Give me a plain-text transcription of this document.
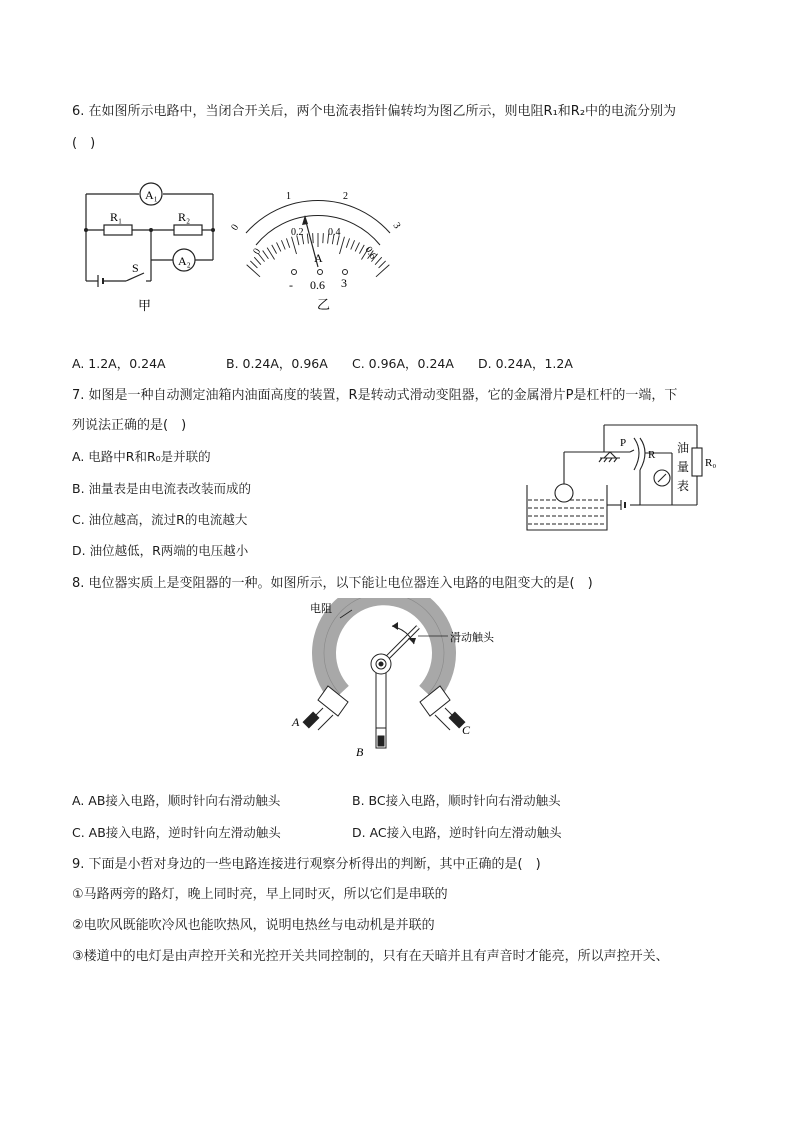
6. 在如图所示电路中，当闭合开关后，两个电流表指针偏转均为图乙所示，则电阻R₁和R₂中的电流分别为
(　)
A₁
A₂
R₁	R₂
S
甲
0
1	2
3
0
0.2 0.4
0.6
A
- 0.6 3
乙
A. 1.2A，0.24A	B. 0.24A，0.96A C. 0.96A，0.24A D. 0.24A，1.2A
7. 如图是一种自动测定油箱内油面高度的装置，R是转动式滑动变阻器，它的金属滑片P是杠杆的一端，下
列说法正确的是(　)
A. 电路中R和R₀是并联的
B. 油量表是由电流表改装而成的
C. 油位越高，流过R的电流越大
D. 油位越低，R两端的电压越小
P
R
R₀
油
量
表
8. 电位器实质上是变阻器的一种。如图所示，以下能让电位器连入电路的电阻变大的是(　)
电阻
滑动触头
A
B
C
A. AB接入电路，顺时针向右滑动触头	B. BC接入电路，顺时针向右滑动触头
C. AB接入电路，逆时针向左滑动触头	D. AC接入电路，逆时针向左滑动触头
9. 下面是小哲对身边的一些电路连接进行观察分析得出的判断，其中正确的是(　)
①马路两旁的路灯，晚上同时亮，早上同时灭，所以它们是串联的
②电吹风既能吹冷风也能吹热风，说明电热丝与电动机是并联的
③楼道中的电灯是由声控开关和光控开关共同控制的，只有在天暗并且有声音时才能亮，所以声控开关、
